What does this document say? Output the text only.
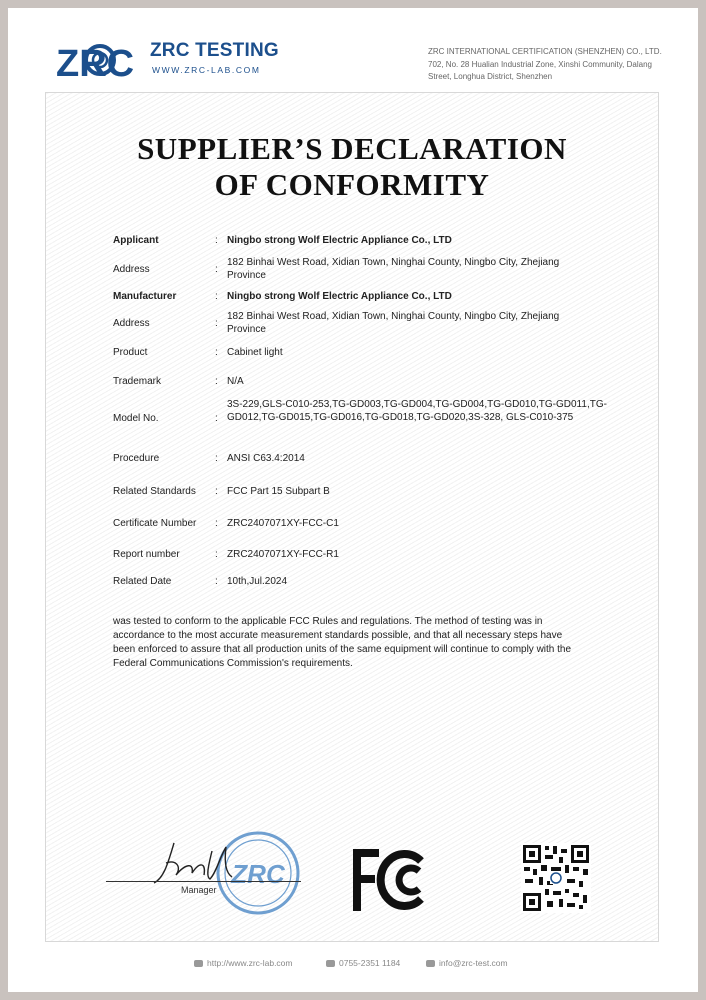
ZRC ZRC TESTING
WWW.ZRC-LAB.COM
ZRC INTERNATIONAL CERTIFICATION (SHENZHEN) CO., LTD.
702, No. 28 Hualian Industrial Zone, Xinshi Community, Dalang
Street, Longhua District, Shenzhen
SUPPLIER’S DECLARATION
OF CONFORMITY
Applicant	: Ningbo strong Wolf Electric Appliance Co., LTD
Address	:
182 Binhai West Road, Xidian Town, Ninghai County, Ningbo City, Zhejiang Province
Manufacturer	: Ningbo strong Wolf Electric Appliance Co., LTD
Address	:
182 Binhai West Road, Xidian Town, Ninghai County, Ningbo City, Zhejiang Province
Product	: Cabinet light
Trademark	: N/A
Model No.	:
3S-229,GLS-C010-253,TG-GD003,TG-GD004,TG-GD004,TG-GD010,TG-GD011,TG-GD012,TG-GD015,TG-GD016,TG-GD018,TG-GD020,3S-328, GLS-C010-375
Procedure	: ANSI C63.4:2014
Related Standards	: FCC Part 15 Subpart B
Certificate Number	: ZRC2407071XY-FCC-C1
Report number	: ZRC2407071XY-FCC-R1
Related Date	: 10th,Jul.2024
was tested to conform to the applicable FCC Rules and regulations. The method of testing was in accordance to the most accurate measurement standards possible, and that all necessary steps have been enforced to assure that all production units of the same equipment will continue to comply with the Federal Communications Commission's requirements.
ZRC
Manager
http://www.zrc-lab.com	0755-2351 1184	info@zrc-test.com
